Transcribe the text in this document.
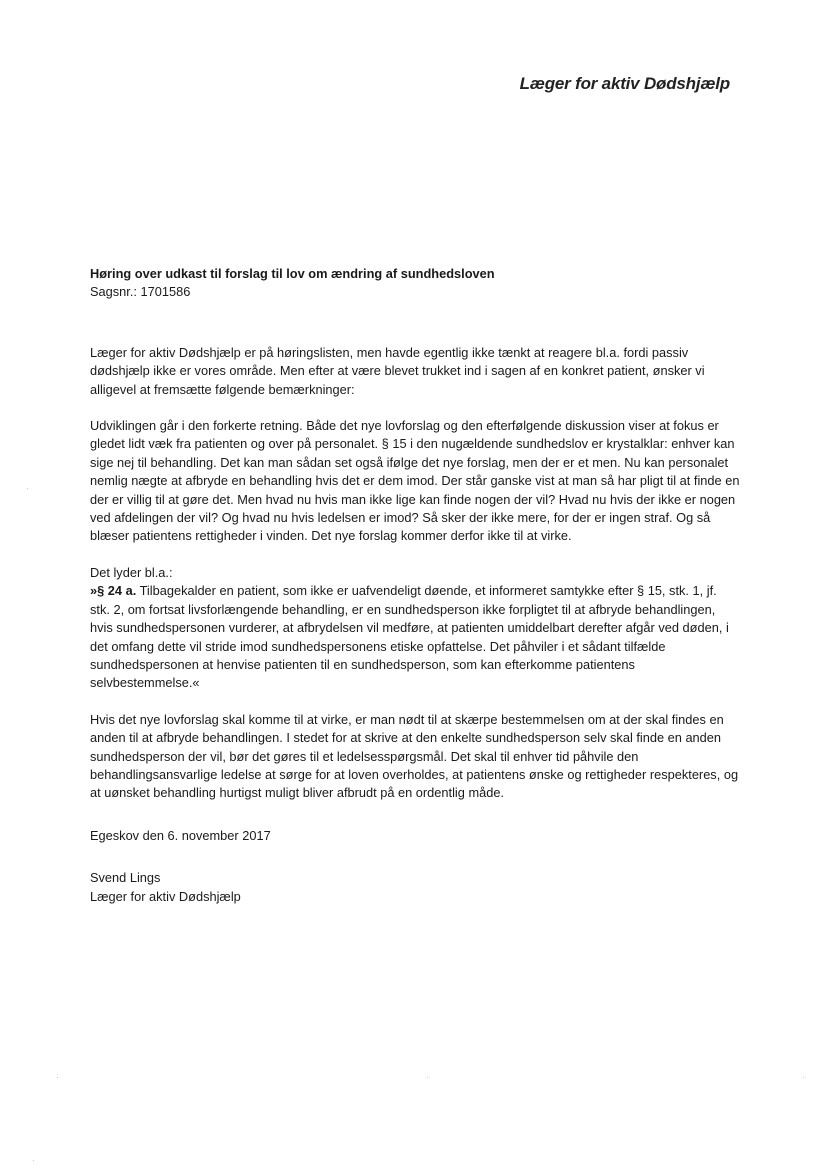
Læger for aktiv Dødshjælp

Høring over udkast til forslag til lov om ændring af sundhedsloven

Sagsnr.: 1701586

Læger for aktiv Dødshjælp er på høringslisten, men havde egentlig ikke tænkt at reagere bl.a. fordi passiv dødshjælp ikke er vores område. Men efter at være blevet trukket ind i sagen af en konkret patient, ønsker vi alligevel at fremsætte følgende bemærkninger:

Udviklingen går i den forkerte retning. Både det nye lovforslag og den efterfølgende diskussion viser at fokus er gledet lidt væk fra patienten og over på personalet. § 15 i den nugældende sundhedslov er krystalklar: enhver kan sige nej til behandling. Det kan man sådan set også ifølge det nye forslag, men der er et men. Nu kan personalet nemlig nægte at afbryde en behandling hvis det er dem imod. Der står ganske vist at man så har pligt til at finde en der er villig til at gøre det. Men hvad nu hvis man ikke lige kan finde nogen der vil? Hvad nu hvis der ikke er nogen ved afdelingen der vil? Og hvad nu hvis ledelsen er imod? Så sker der ikke mere, for der er ingen straf. Og så blæser patientens rettigheder i vinden. Det nye forslag kommer derfor ikke til at virke.

Det lyder bl.a.:

»§ 24 a. Tilbagekalder en patient, som ikke er uafvendeligt døende, et informeret samtykke efter § 15, stk. 1, jf. stk. 2, om fortsat livsforlængende behandling, er en sundhedsperson ikke forpligtet til at afbryde behandlingen, hvis sundhedspersonen vurderer, at afbrydelsen vil medføre, at patienten umiddelbart derefter afgår ved døden, i det omfang dette vil stride imod sundhedspersonens etiske opfattelse. Det påhviler i et sådant tilfælde sundhedspersonen at henvise patienten til en sundhedsperson, som kan efterkomme patientens selvbestemmelse.«

Hvis det nye lovforslag skal komme til at virke, er man nødt til at skærpe bestemmelsen om at der skal findes en anden til at afbryde behandlingen. I stedet for at skrive at den enkelte sundhedsperson selv skal finde en anden sundhedsperson der vil, bør det gøres til et ledelsesspørgsmål. Det skal til enhver tid påhvile den behandlingsansvarlige ledelse at sørge for at loven overholdes, at patientens ønske og rettigheder respekteres, og at uønsket behandling hurtigst muligt bliver afbrudt på en ordentlig måde.

Egeskov den 6. november 2017

Svend Lings

Læger for aktiv Dødshjælp
